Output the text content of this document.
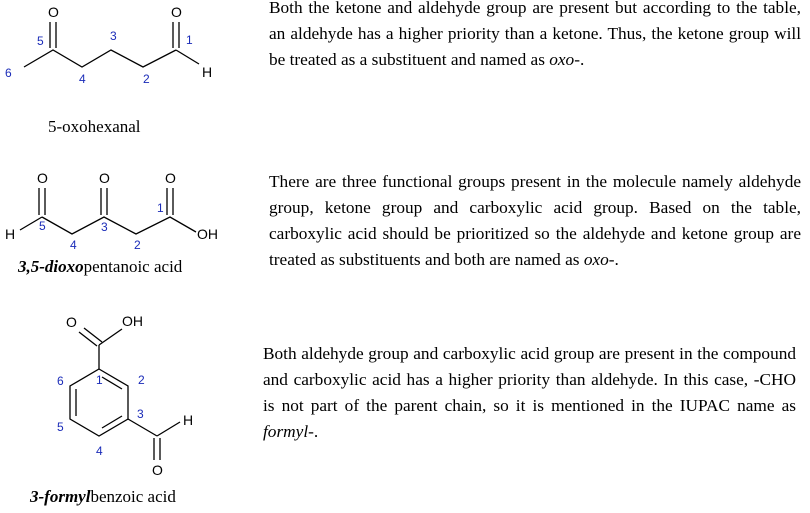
O	O
H
1
2
3
4
5
6
5-oxohexanal

Both the ketone and aldehyde group are present but according to the table, an aldehyde has a higher priority than a ketone. Thus, the ketone group will be treated as a substituent and named as oxo-.

H
O	O	O
OH
1
2
3
4
5
3,5-dioxopentanoic acid

There are three functional groups present in the molecule namely aldehyde group, ketone group and carboxylic acid group. Based on the table, carboxylic acid should be prioritized so the aldehyde and ketone group are treated as substituents and both are named as oxo-.

O	OH
H
O
1	2
3
4
5
6
3-formylbenzoic acid

Both aldehyde group and carboxylic acid group are present in the compound and carboxylic acid has a higher priority than aldehyde. In this case, -CHO is not part of the parent chain, so it is mentioned in the IUPAC name as formyl-.
